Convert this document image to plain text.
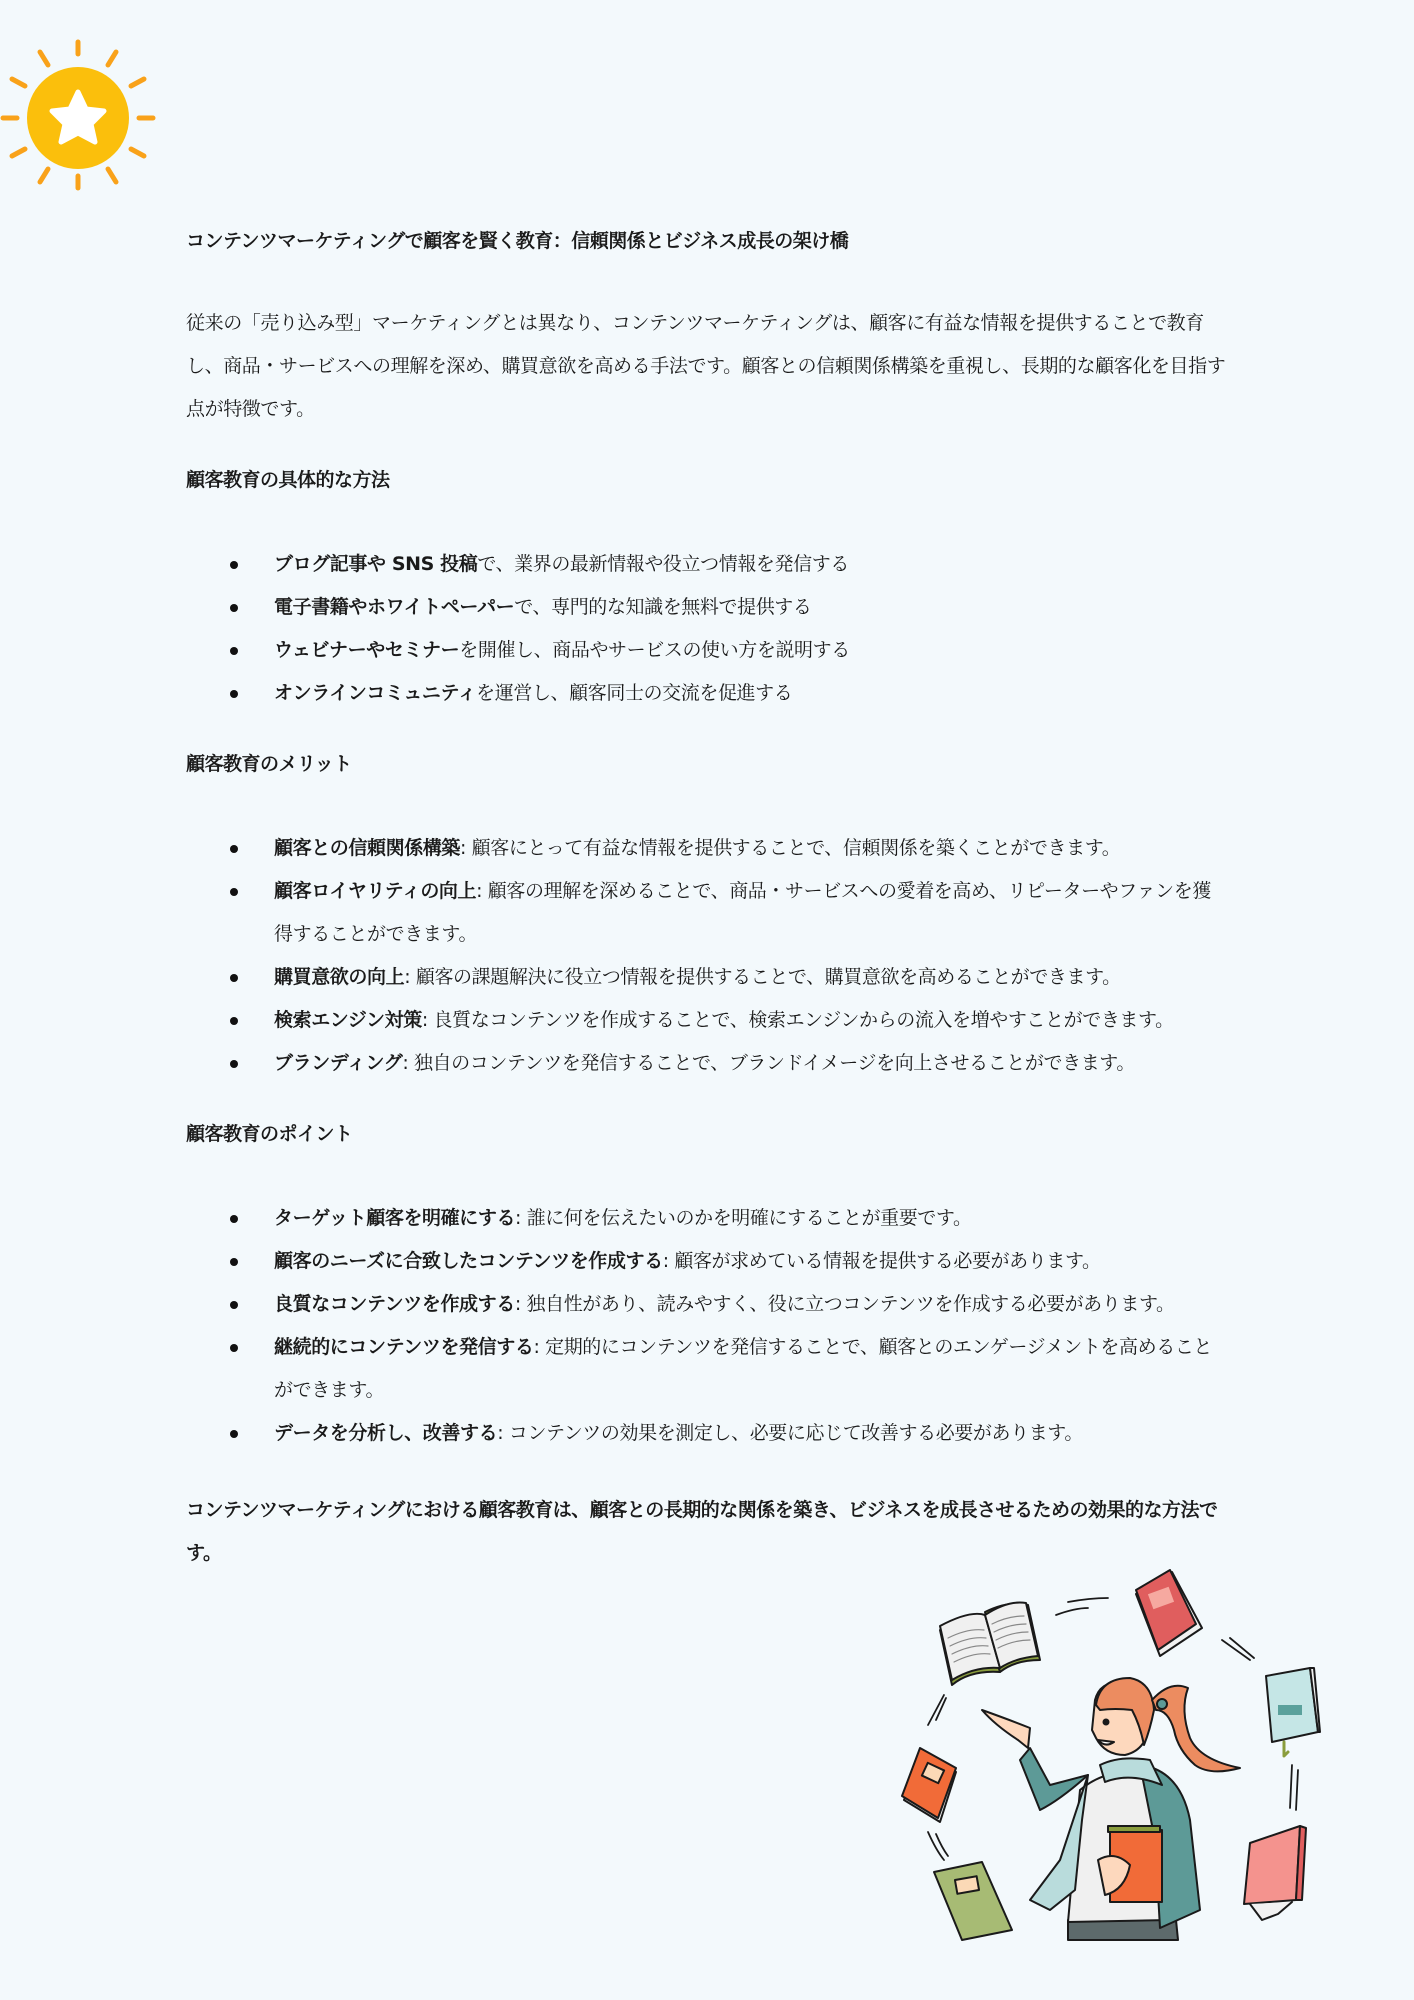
コンテンツマーケティングで顧客を賢く教育：信頼関係とビジネス成長の架け橋

従来の「売り込み型」マーケティングとは異なり、コンテンツマーケティングは、顧客に有益な情報を提供することで教育し、商品・サービスへの理解を深め、購買意欲を高める手法です。顧客との信頼関係構築を重視し、長期的な顧客化を目指す点が特徴です。

顧客教育の具体的な方法
ブログ記事や SNS 投稿で、業界の最新情報や役立つ情報を発信する
電子書籍やホワイトペーパーで、専門的な知識を無料で提供する
ウェビナーやセミナーを開催し、商品やサービスの使い方を説明する
オンラインコミュニティを運営し、顧客同士の交流を促進する
顧客教育のメリット
顧客との信頼関係構築: 顧客にとって有益な情報を提供することで、信頼関係を築くことができます。
顧客ロイヤリティの向上: 顧客の理解を深めることで、商品・サービスへの愛着を高め、リピーターやファンを獲得することができます。
購買意欲の向上: 顧客の課題解決に役立つ情報を提供することで、購買意欲を高めることができます。
検索エンジン対策: 良質なコンテンツを作成することで、検索エンジンからの流入を増やすことができます。
ブランディング: 独自のコンテンツを発信することで、ブランドイメージを向上させることができます。
顧客教育のポイント
ターゲット顧客を明確にする: 誰に何を伝えたいのかを明確にすることが重要です。
顧客のニーズに合致したコンテンツを作成する: 顧客が求めている情報を提供する必要があります。
良質なコンテンツを作成する: 独自性があり、読みやすく、役に立つコンテンツを作成する必要があります。
継続的にコンテンツを発信する: 定期的にコンテンツを発信することで、顧客とのエンゲージメントを高めることができます。
データを分析し、改善する: コンテンツの効果を測定し、必要に応じて改善する必要があります。

コンテンツマーケティングにおける顧客教育は、顧客との長期的な関係を築き、ビジネスを成長させるための効果的な方法です。
